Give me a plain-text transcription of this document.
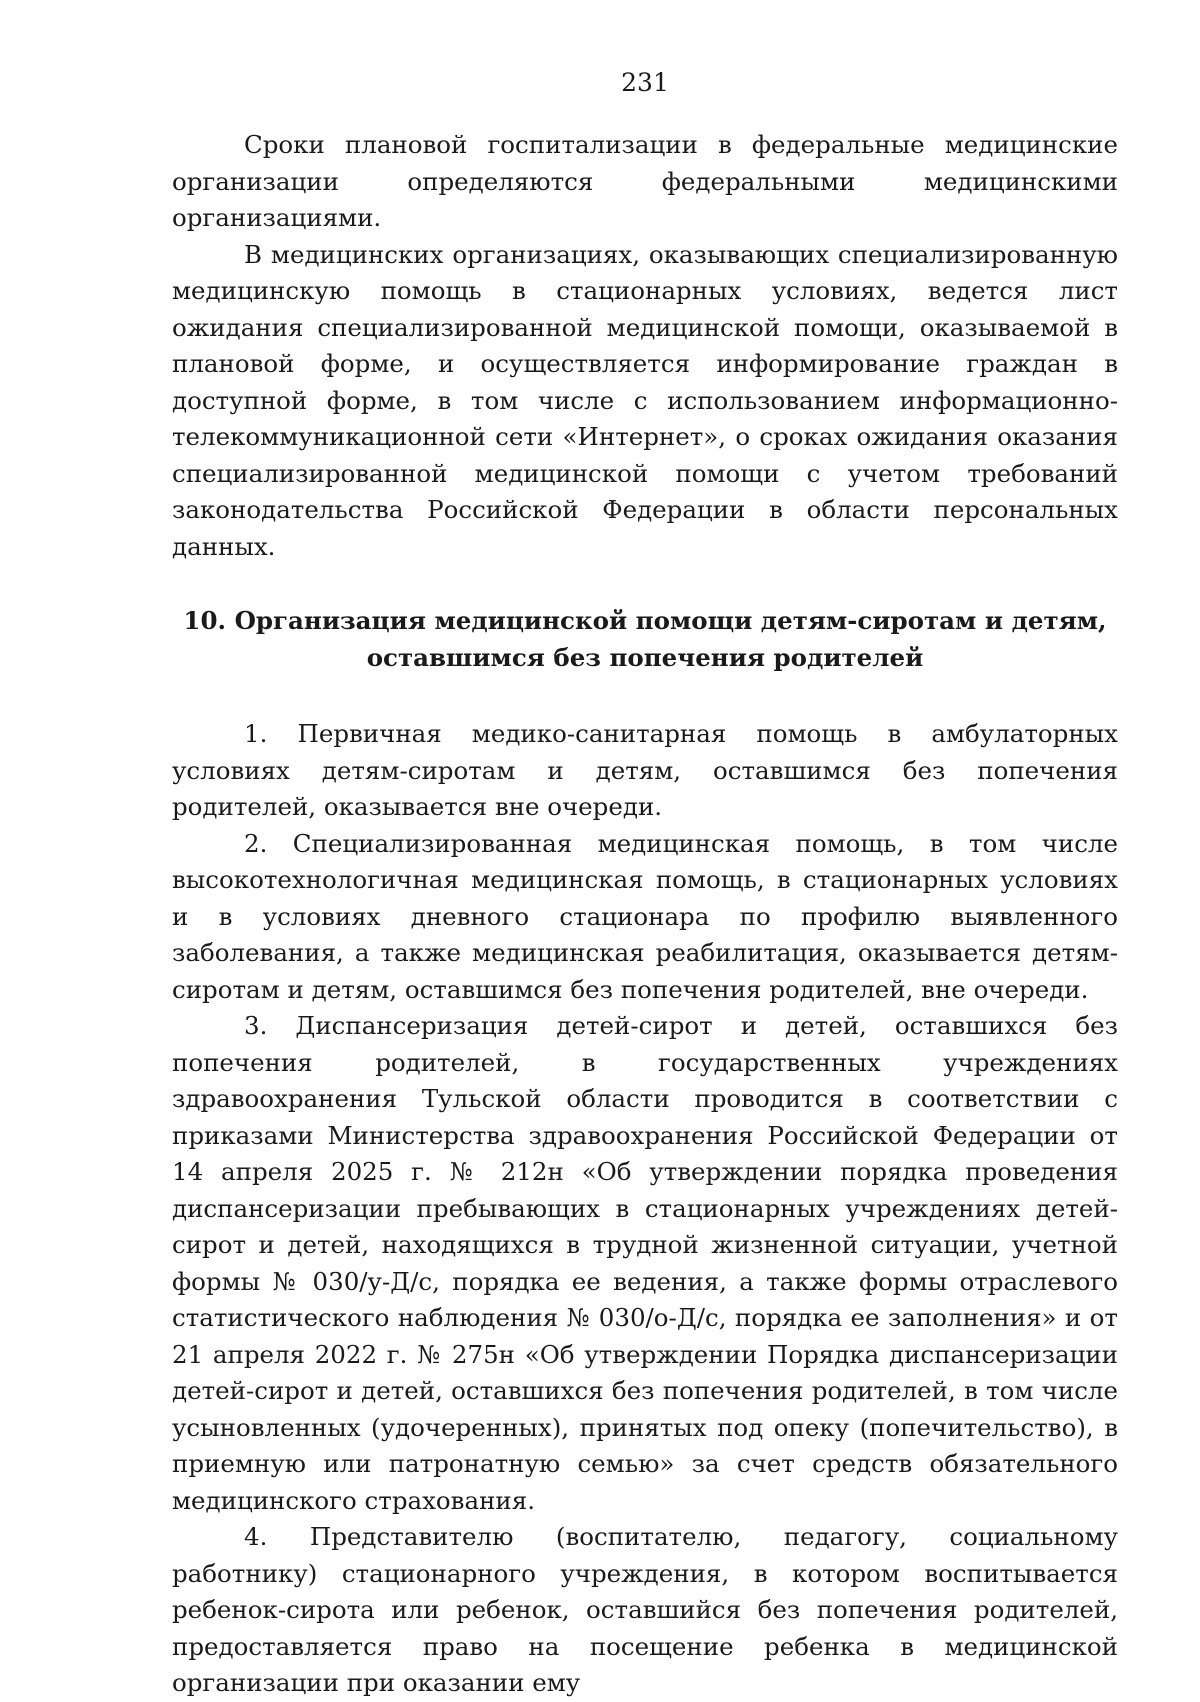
231

Сроки плановой госпитализации в федеральные медицинские организации определяются федеральными медицинскими организациями.

В медицинских организациях, оказывающих специализированную медицинскую помощь в стационарных условиях, ведется лист ожидания специализированной медицинской помощи, оказываемой в плановой форме, и осуществляется информирование граждан в доступной форме, в том числе с использованием информационно-телекоммуникационной сети «Интернет», о сроках ожидания оказания специализированной медицинской помощи с учетом требований законодательства Российской Федерации в области персональных данных.

10. Организация медицинской помощи детям-сиротам и детям,
оставшимся без попечения родителей

1. Первичная медико-санитарная помощь в амбулаторных условиях детям-сиротам и детям, оставшимся без попечения родителей, оказывается вне очереди.

2. Специализированная медицинская помощь, в том числе высокотехнологичная медицинская помощь, в стационарных условиях и в условиях дневного стационара по профилю выявленного заболевания, а также медицинская реабилитация, оказывается детям-сиротам и детям, оставшимся без попечения родителей, вне очереди.

3. Диспансеризация детей-сирот и детей, оставшихся без попечения родителей, в государственных учреждениях здравоохранения Тульской области проводится в соответствии с приказами Министерства здравоохранения Российской Федерации от 14 апреля 2025 г. № 212н «Об утверждении порядка проведения диспансеризации пребывающих в стационарных учреждениях детей-сирот и детей, находящихся в трудной жизненной ситуации, учетной формы № 030/у-Д/с, порядка ее ведения, а также формы отраслевого статистического наблюдения № 030/о-Д/с, порядка ее заполнения» и от 21 апреля 2022 г. № 275н «Об утверждении Порядка диспансеризации детей-сирот и детей, оставшихся без попечения родителей, в том числе усыновленных (удочеренных), принятых под опеку (попечительство), в приемную или патронатную семью» за счет средств обязательного медицинского страхования.

4. Представителю (воспитателю, педагогу, социальному работнику) стационарного учреждения, в котором воспитывается ребенок-сирота или ребенок, оставшийся без попечения родителей, предоставляется право на посещение ребенка в медицинской организации при оказании ему
